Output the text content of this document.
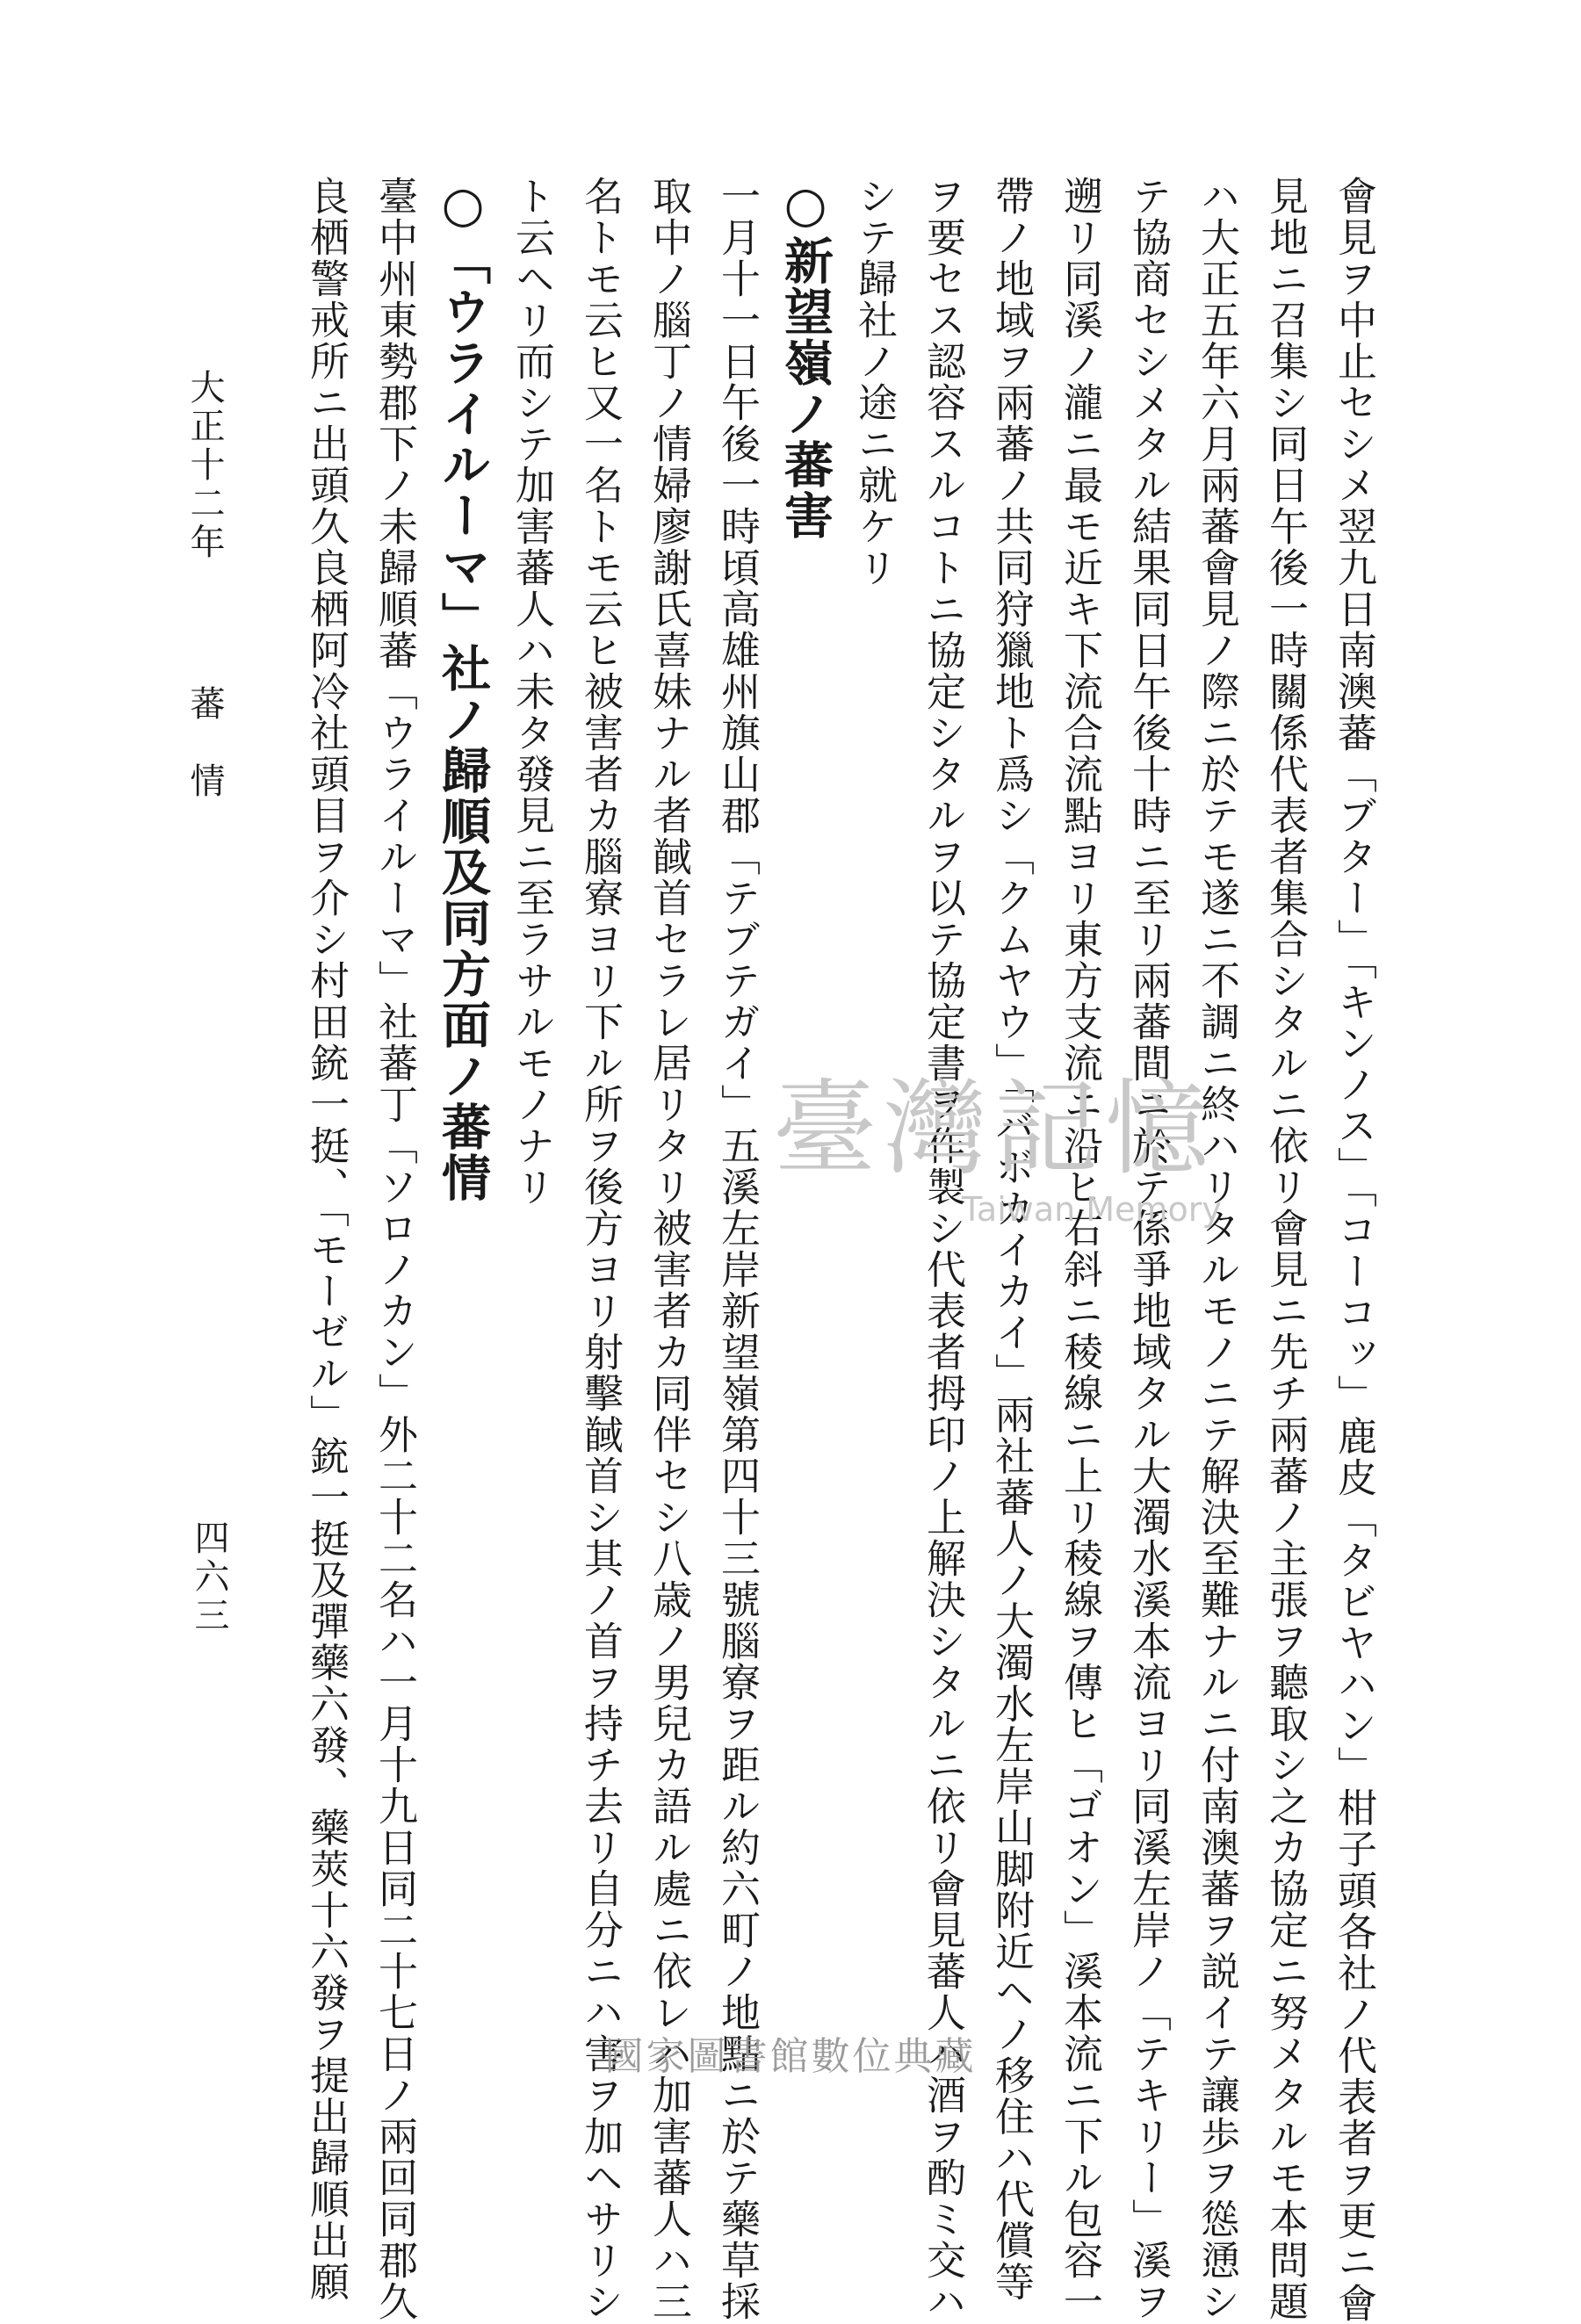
會見ヲ中止セシメ翌九日南澳蕃「ブター」「キンノス」「コーコッ」鹿皮「タビヤハン」柑子頭各社ノ代表者ヲ更ニ會
見地ニ召集シ同日午後一時關係代表者集合シタルニ依リ會見ニ先チ兩蕃ノ主張ヲ聽取シ之カ協定ニ努メタルモ本問題
ハ大正五年六月兩蕃會見ノ際ニ於テモ遂ニ不調ニ終ハリタルモノニテ解決至難ナルニ付南澳蕃ヲ説イテ讓歩ヲ慫慂シ
テ協商セシメタル結果同日午後十時ニ至リ兩蕃間ニ於テ係爭地域タル大濁水溪本流ヨリ同溪左岸ノ「テキリー」溪ヲ
遡リ同溪ノ瀧ニ最モ近キ下流合流點ヨリ東方支流ニ沿ヒ右斜ニ稜線ニ上リ稜線ヲ傳ヒ「ゴオン」溪本流ニ下ル包容一
帶ノ地域ヲ兩蕃ノ共同狩獵地ト爲シ「クムヤウ」「バボカイカイ」兩社蕃人ノ大濁水左岸山脚附近ヘノ移住ハ代償等
ヲ要セス認容スルコトニ協定シタルヲ以テ協定書ヲ作製シ代表者拇印ノ上解決シタルニ依リ會見蕃人ハ酒ヲ酌ミ交ハ
シテ歸社ノ途ニ就ケリ
○新望嶺ノ蕃害
一月十一日午後一時頃高雄州旗山郡「テブテガイ」五溪左岸新望嶺第四十三號腦寮ヲ距ル約六町ノ地點ニ於テ藥草採
取中ノ腦丁ノ情婦廖謝氏喜妹ナル者馘首セラレ居リタリ被害者カ同伴セシ八歳ノ男兒カ語ル處ニ依レハ加害蕃人ハ三
名トモ云ヒ又一名トモ云ヒ被害者カ腦寮ヨリ下ル所ヲ後方ヨリ射擊馘首シ其ノ首ヲ持チ去リ自分ニハ害ヲ加ヘサリシ
ト云ヘリ而シテ加害蕃人ハ未タ發見ニ至ラサルモノナリ
○「ウライルーマ」社ノ歸順及同方面ノ蕃情
臺中州東勢郡下ノ未歸順蕃「ウライルーマ」社蕃丁「ソロノカン」外二十二名ハ一月十九日同二十七日ノ兩回同郡久
良栖警戒所ニ出頭久良栖阿冷社頭目ヲ介シ村田銃一挺、「モーゼル」銃一挺及彈藥六發、藥莢十六發ヲ提出歸順出願
大正十二年蕃　情
四六三
臺灣記憶
Taiwan Memory
國家圖書館數位典藏
